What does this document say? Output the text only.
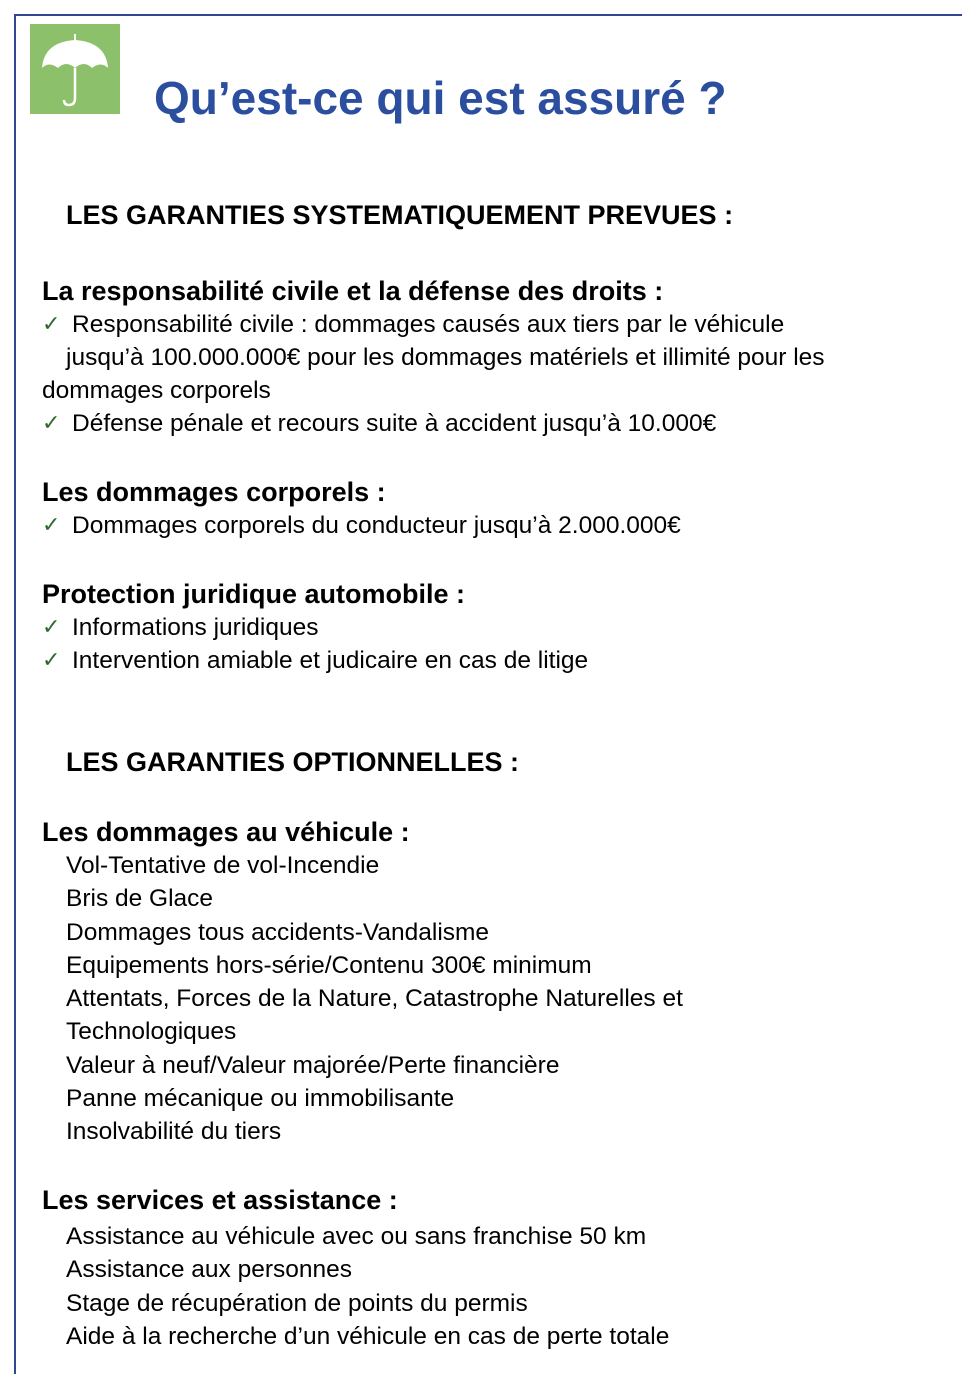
Qu’est-ce qui est assuré ?
LES GARANTIES SYSTEMATIQUEMENT PREVUES :
La responsabilité civile et la défense des droits :
✓ Responsabilité civile : dommages causés aux tiers par le véhicule
jusqu’à 100.000.000€ pour les dommages matériels et illimité pour les
dommages corporels
✓ Défense pénale et recours suite à accident jusqu’à 10.000€
Les dommages corporels :
✓ Dommages corporels du conducteur jusqu’à 2.000.000€
Protection juridique automobile :
✓ Informations juridiques
✓ Intervention amiable et judicaire en cas de litige
LES GARANTIES OPTIONNELLES :
Les dommages au véhicule :
Vol-Tentative de vol-Incendie
Bris de Glace
Dommages tous accidents-Vandalisme
Equipements hors-série/Contenu 300€ minimum
Attentats, Forces de la Nature, Catastrophe Naturelles et
Technologiques
Valeur à neuf/Valeur majorée/Perte financière
Panne mécanique ou immobilisante
Insolvabilité du tiers
Les services et assistance :
Assistance au véhicule avec ou sans franchise 50 km
Assistance aux personnes
Stage de récupération de points du permis
Aide à la recherche d’un véhicule en cas de perte totale
